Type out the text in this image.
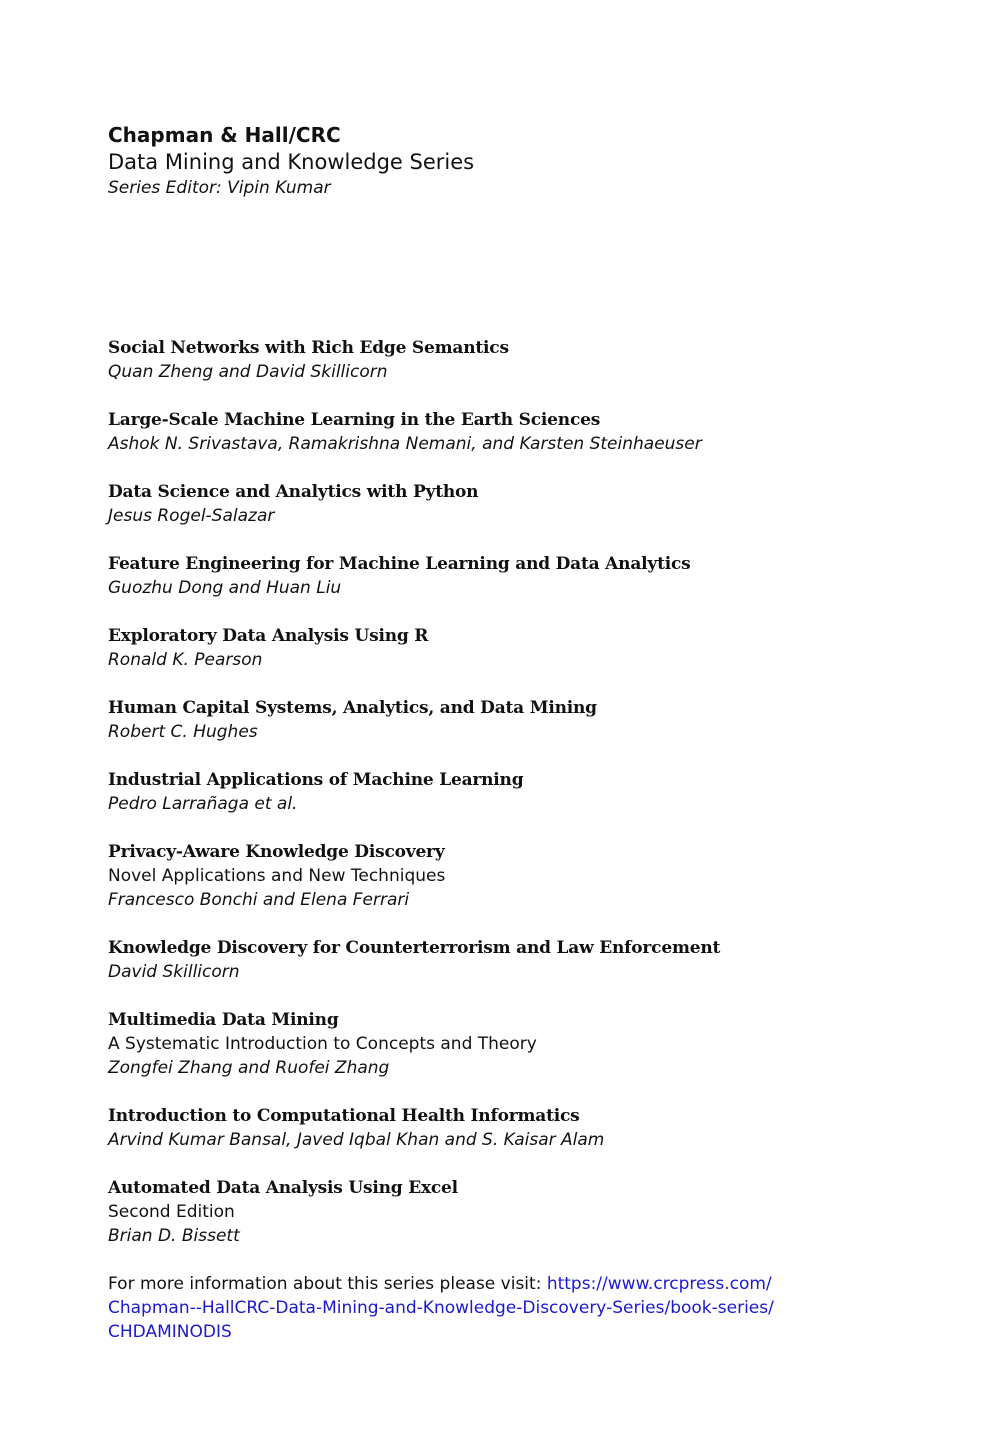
Chapman & Hall/CRC
Data Mining and Knowledge Series
Series Editor: Vipin Kumar
Social Networks with Rich Edge Semantics
Quan Zheng and David Skillicorn
Large-Scale Machine Learning in the Earth Sciences
Ashok N. Srivastava, Ramakrishna Nemani, and Karsten Steinhaeuser
Data Science and Analytics with Python
Jesus Rogel-Salazar
Feature Engineering for Machine Learning and Data Analytics
Guozhu Dong and Huan Liu
Exploratory Data Analysis Using R
Ronald K. Pearson
Human Capital Systems, Analytics, and Data Mining
Robert C. Hughes
Industrial Applications of Machine Learning
Pedro Larrañaga et al.
Privacy-Aware Knowledge Discovery
Novel Applications and New Techniques
Francesco Bonchi and Elena Ferrari
Knowledge Discovery for Counterterrorism and Law Enforcement
David Skillicorn
Multimedia Data Mining
A Systematic Introduction to Concepts and Theory
Zongfei Zhang and Ruofei Zhang
Introduction to Computational Health Informatics
Arvind Kumar Bansal, Javed Iqbal Khan and S. Kaisar Alam
Automated Data Analysis Using Excel
Second Edition
Brian D. Bissett

For more information about this series please visit: https://www.crcpress.com/
Chapman--HallCRC-Data-Mining-and-Knowledge-Discovery-Series/book-series/
CHDAMINODIS
